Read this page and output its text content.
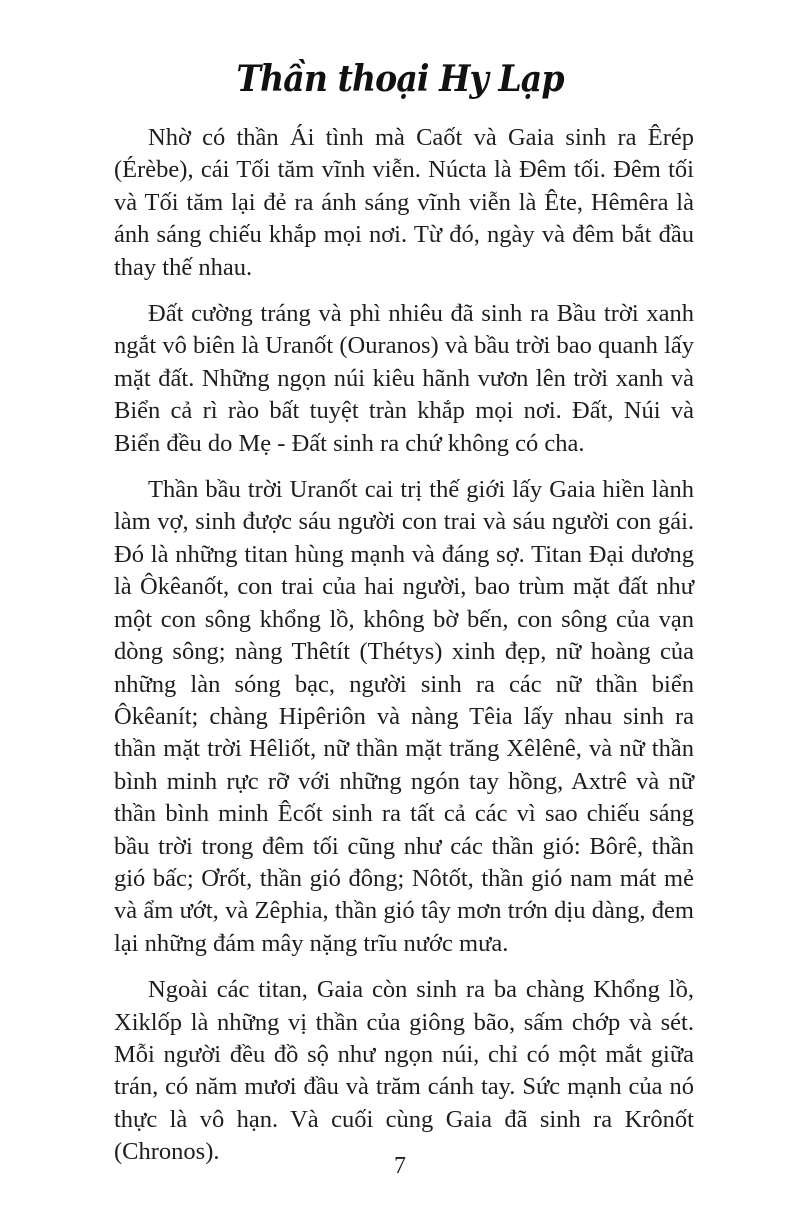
Thần thoại Hy Lạp

Nhờ có thần Ái tình mà Caốt và Gaia sinh ra Êrép (Érèbe), cái Tối tăm vĩnh viễn. Núcta là Đêm tối. Đêm tối và Tối tăm lại đẻ ra ánh sáng vĩnh viễn là Ête, Hêmêra là ánh sáng chiếu khắp mọi nơi. Từ đó, ngày và đêm bắt đầu thay thế nhau.

Đất cường tráng và phì nhiêu đã sinh ra Bầu trời xanh ngắt vô biên là Uranốt (Ouranos) và bầu trời bao quanh lấy mặt đất. Những ngọn núi kiêu hãnh vươn lên trời xanh và Biển cả rì rào bất tuyệt tràn khắp mọi nơi. Đất, Núi và Biển đều do Mẹ - Đất sinh ra chứ không có cha.

Thần bầu trời Uranốt cai trị thế giới lấy Gaia hiền lành làm vợ, sinh được sáu người con trai và sáu người con gái. Đó là những titan hùng mạnh và đáng sợ. Titan Đại dương là Ôkêanốt, con trai của hai người, bao trùm mặt đất như một con sông khổng lồ, không bờ bến, con sông của vạn dòng sông; nàng Thêtít (Thétys) xinh đẹp, nữ hoàng của những làn sóng bạc, người sinh ra các nữ thần biển Ôkêanít; chàng Hipêriôn và nàng Têia lấy nhau sinh ra thần mặt trời Hêliốt, nữ thần mặt trăng Xêlênê, và nữ thần bình minh rực rỡ với những ngón tay hồng, Axtrê và nữ thần bình minh Êcốt sinh ra tất cả các vì sao chiếu sáng bầu trời trong đêm tối cũng như các thần gió: Bôrê, thần gió bấc; Ơrốt, thần gió đông; Nôtốt, thần gió nam mát mẻ và ẩm ướt, và Zêphia, thần gió tây mơn trớn dịu dàng, đem lại những đám mây nặng trĩu nước mưa.

Ngoài các titan, Gaia còn sinh ra ba chàng Khổng lồ, Xiklốp là những vị thần của giông bão, sấm chớp và sét. Mỗi người đều đồ sộ như ngọn núi, chỉ có một mắt giữa trán, có năm mươi đầu và trăm cánh tay. Sức mạnh của nó thực là vô hạn. Và cuối cùng Gaia đã sinh ra Krônốt (Chronos).

7
